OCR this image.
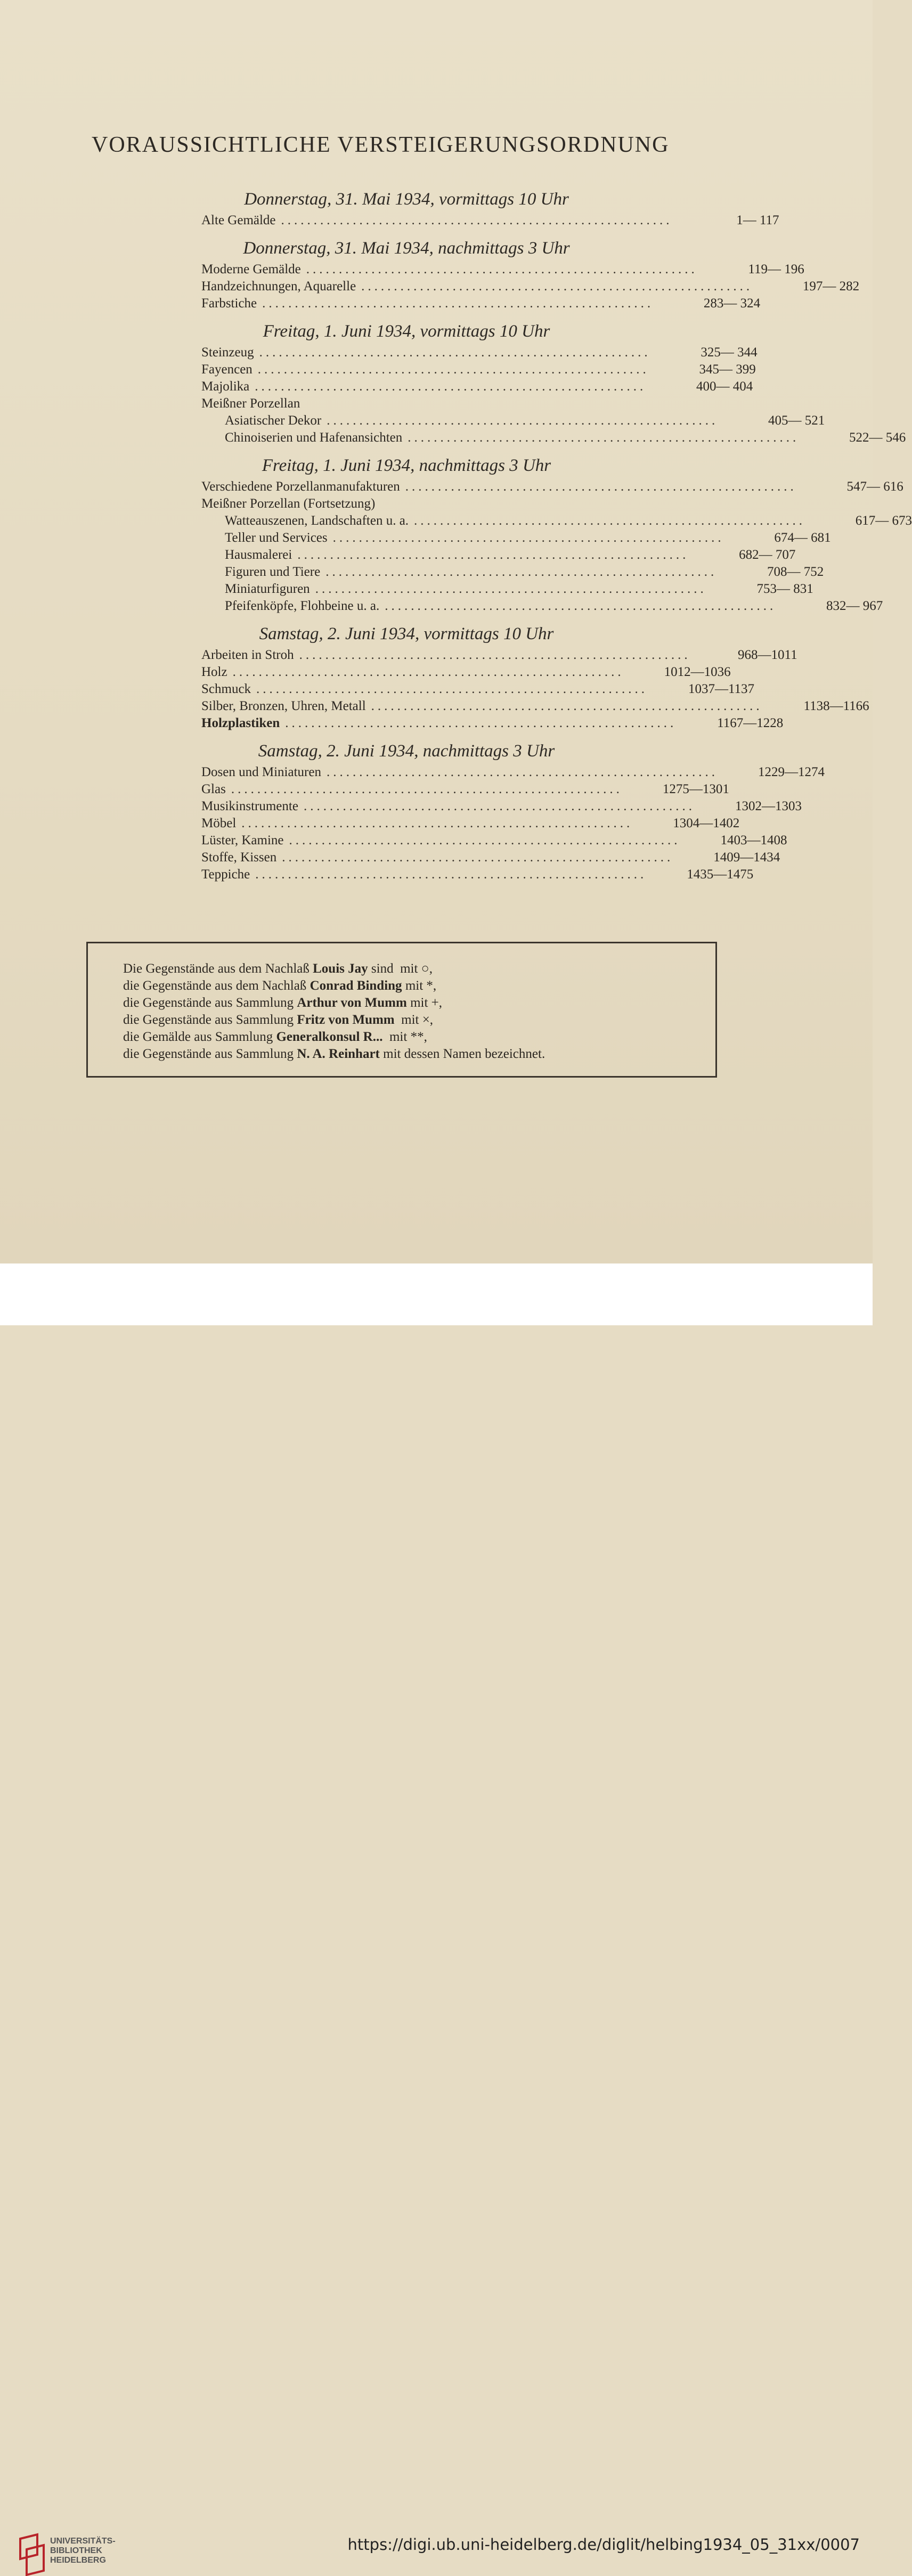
VORAUSSICHTLICHE VERSTEIGERUNGSORDNUNG
Donnerstag, 31. Mai 1934, vormittags 10 Uhr
Alte Gemälde ............................................................	1— 117
Donnerstag, 31. Mai 1934, nachmittags 3 Uhr
Moderne Gemälde ............................................................	119— 196
Handzeichnungen, Aquarelle ............................................................	197— 282
Farbstiche ............................................................	283— 324
Freitag, 1. Juni 1934, vormittags 10 Uhr
Steinzeug ............................................................	325— 344
Fayencen ............................................................	345— 399
Majolika ............................................................	400— 404
Meißner Porzellan
Asiatischer Dekor ............................................................	405— 521
Chinoiserien und Hafenansichten ............................................................	522— 546
Freitag, 1. Juni 1934, nachmittags 3 Uhr
Verschiedene Porzellanmanufakturen ............................................................	547— 616
Meißner Porzellan (Fortsetzung)
Watteauszenen, Landschaften u. a. ............................................................	617— 673
Teller und Services ............................................................	674— 681
Hausmalerei ............................................................	682— 707
Figuren und Tiere ............................................................	708— 752
Miniaturfiguren ............................................................	753— 831
Pfeifenköpfe, Flohbeine u. a. ............................................................	832— 967
Samstag, 2. Juni 1934, vormittags 10 Uhr
Arbeiten in Stroh ............................................................	968—1011
Holz ............................................................	1012—1036
Schmuck ............................................................	1037—1137
Silber, Bronzen, Uhren, Metall ............................................................	1138—1166
Holzplastiken ............................................................	1167—1228
Samstag, 2. Juni 1934, nachmittags 3 Uhr
Dosen und Miniaturen ............................................................	1229—1274
Glas ............................................................	1275—1301
Musikinstrumente ............................................................	1302—1303
Möbel ............................................................	1304—1402
Lüster, Kamine ............................................................	1403—1408
Stoffe, Kissen ............................................................	1409—1434
Teppiche ............................................................	1435—1475
Die Gegenstände aus dem Nachlaß Louis Jay sind  mit ○,
die Gegenstände aus dem Nachlaß Conrad Binding mit *,
die Gegenstände aus Sammlung Arthur von Mumm mit +,
die Gegenstände aus Sammlung Fritz von Mumm  mit ×,
die Gemälde aus Sammlung Generalkonsul R...  mit **,
die Gegenstände aus Sammlung N. A. Reinhart mit dessen Namen bezeichnet.
UNIVERSITÄTS-
BIBLIOTHEK
HEIDELBERG
https://digi.ub.uni-heidelberg.de/diglit/helbing1934_05_31xx/0007
